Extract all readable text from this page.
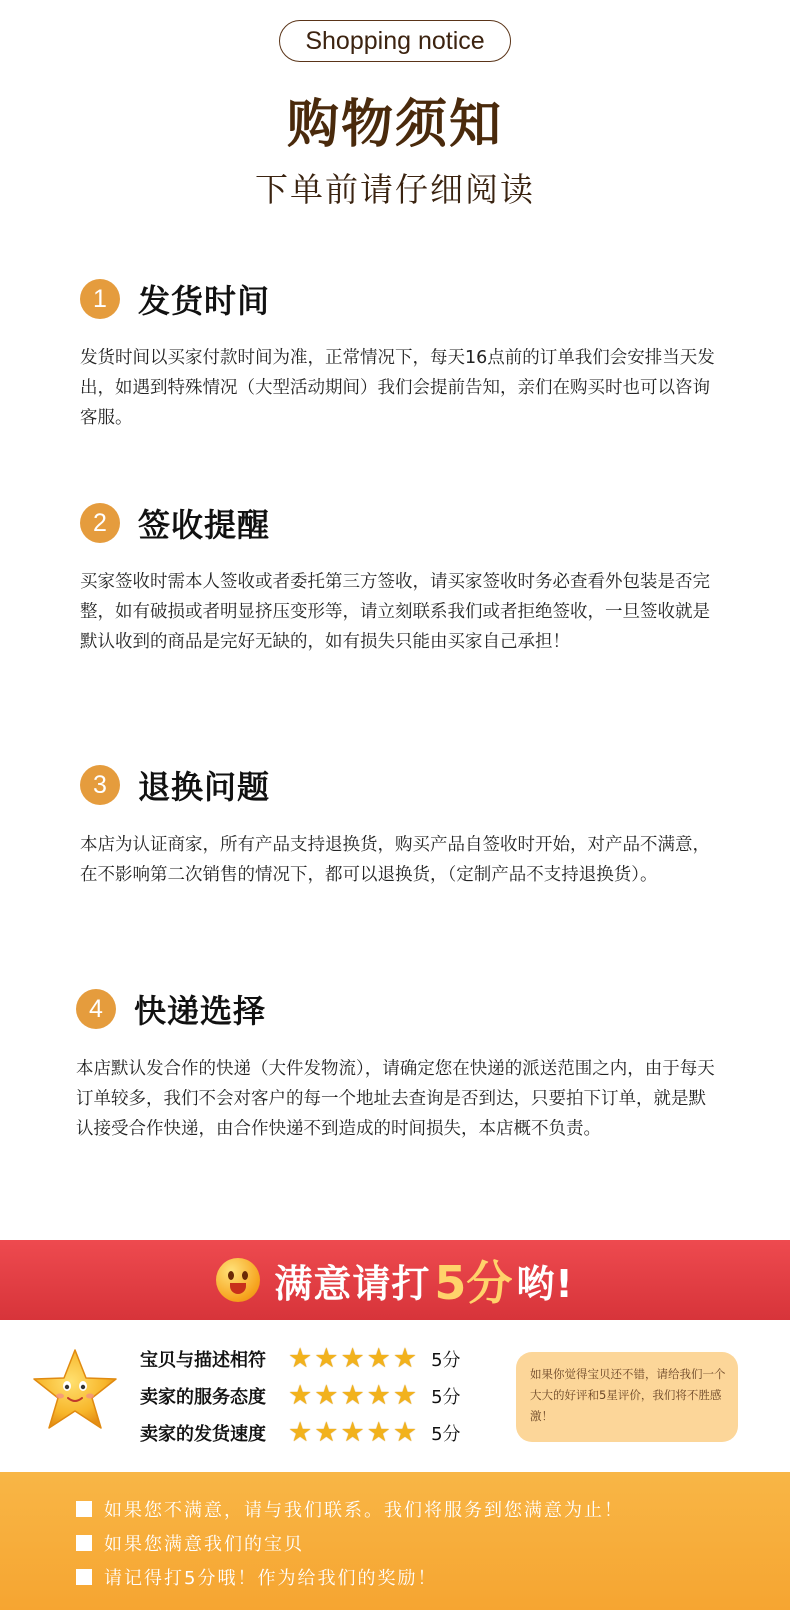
Shopping notice
购物须知
下单前请仔细阅读
1 发货时间
发货时间以买家付款时间为准，正常情况下，每天16点前的订单我们会安排当天发出，如遇到特殊情况（大型活动期间）我们会提前告知，亲们在购买时也可以咨询客服。
2 签收提醒
买家签收时需本人签收或者委托第三方签收，请买家签收时务必查看外包装是否完整，如有破损或者明显挤压变形等，请立刻联系我们或者拒绝签收，一旦签收就是默认收到的商品是完好无缺的，如有损失只能由买家自己承担！
3 退换问题
本店为认证商家，所有产品支持退换货，购买产品自签收时开始，对产品不满意，在不影响第二次销售的情况下，都可以退换货，（定制产品不支持退换货）。
4 快递选择
本店默认发合作的快递（大件发物流），请确定您在快递的派送范围之内，由于每天订单较多，我们不会对客户的每一个地址去查询是否到达，只要拍下订单，就是默认接受合作快递，由合作快递不到造成的时间损失，本店概不负责。
满意请打 5分 哟!
宝贝与描述相符 ★ ★ ★ ★ ★ 5分
卖家的服务态度 ★ ★ ★ ★ ★ 5分
卖家的发货速度 ★ ★ ★ ★ ★ 5分
如果你觉得宝贝还不错，请给我们一个大大的好评和5星评价，我们将不胜感激！
如果您不满意，请与我们联系。我们将服务到您满意为止！
如果您满意我们的宝贝
请记得打5分哦！作为给我们的奖励！
